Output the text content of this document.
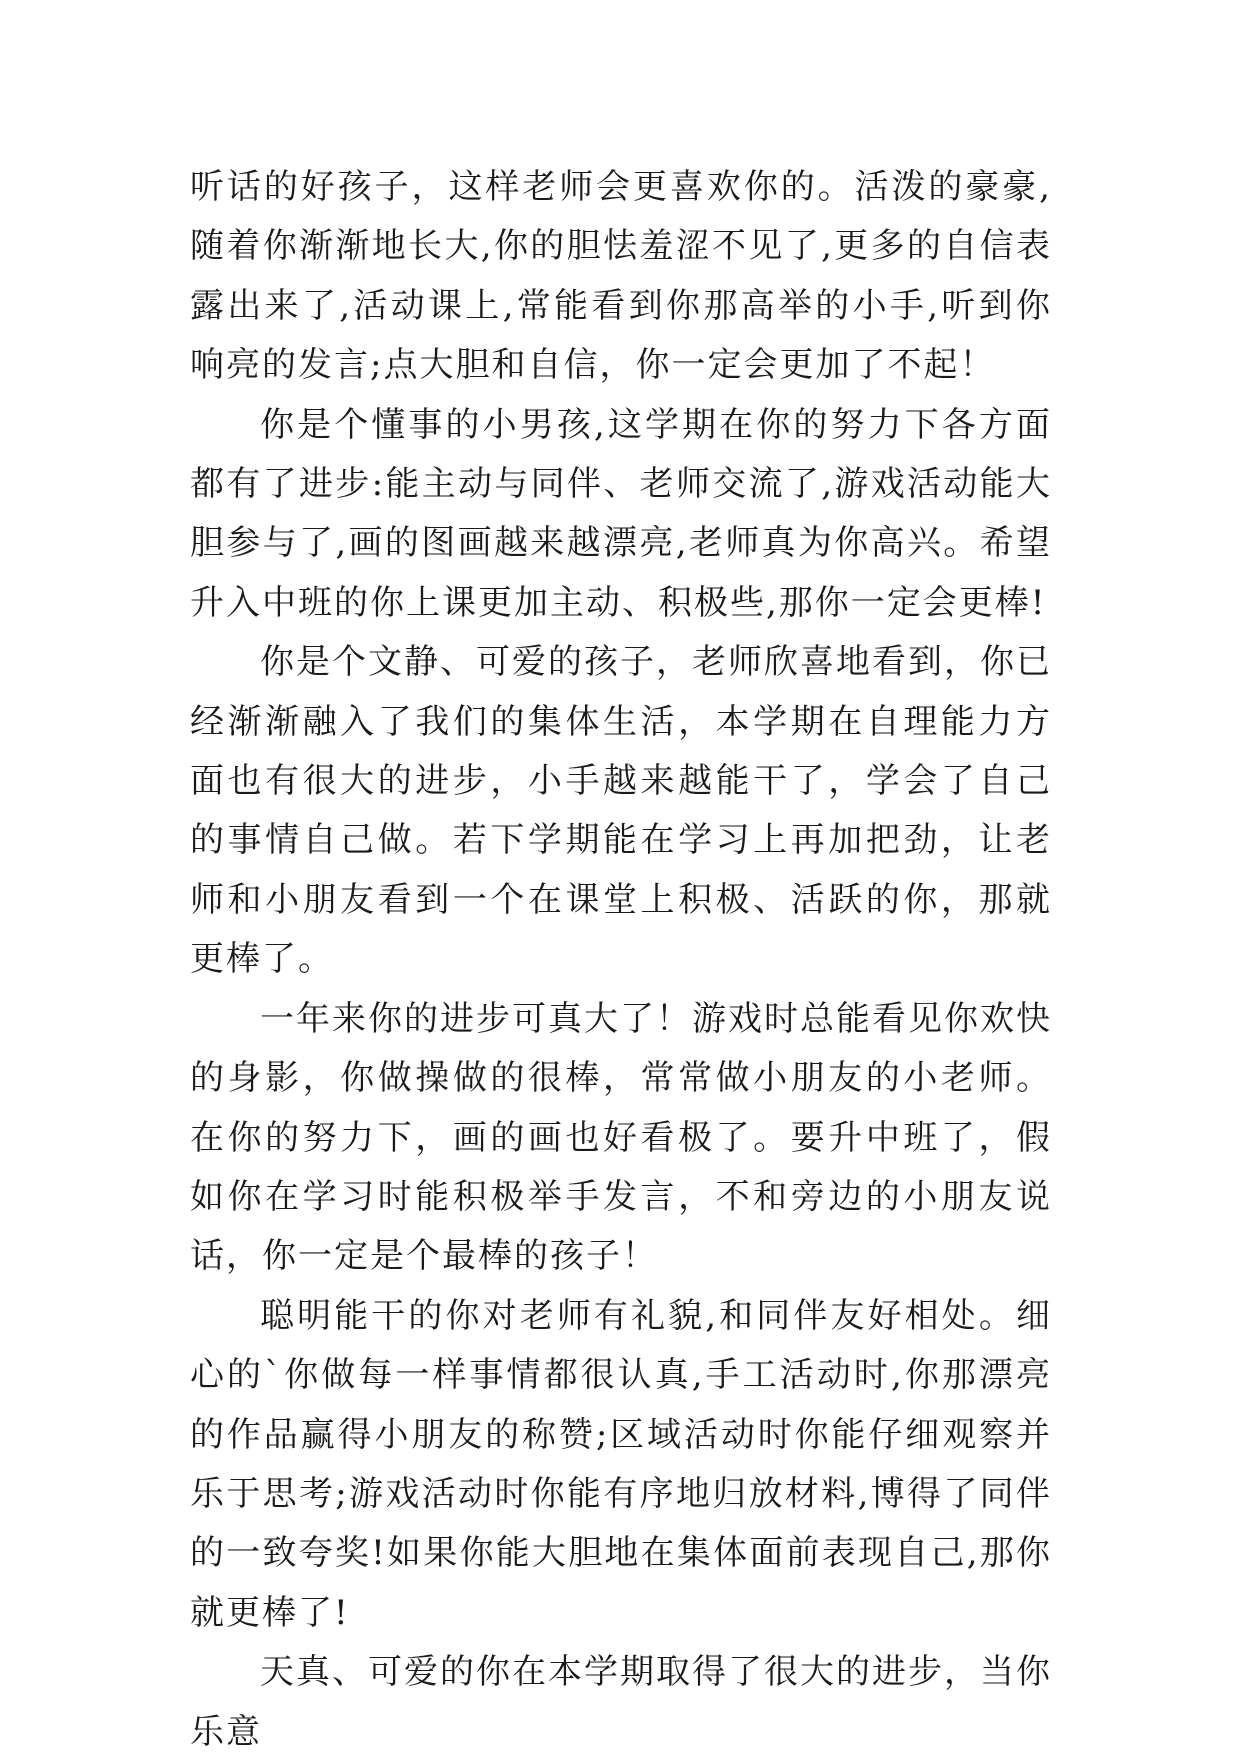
听话的好孩子，这样老师会更喜欢你的。活泼的豪豪,随着你渐渐地长大,你的胆怯羞涩不见了,更多的自信表露出来了,活动课上,常能看到你那高举的小手,听到你响亮的发言;点大胆和自信，你一定会更加了不起！

你是个懂事的小男孩,这学期在你的努力下各方面都有了进步:能主动与同伴、老师交流了,游戏活动能大胆参与了,画的图画越来越漂亮,老师真为你高兴。希望升入中班的你上课更加主动、积极些,那你一定会更棒!

你是个文静、可爱的孩子，老师欣喜地看到，你已经渐渐融入了我们的集体生活，本学期在自理能力方面也有很大的进步，小手越来越能干了，学会了自己的事情自己做。若下学期能在学习上再加把劲，让老师和小朋友看到一个在课堂上积极、活跃的你，那就更棒了。

一年来你的进步可真大了！游戏时总能看见你欢快的身影，你做操做的很棒，常常做小朋友的小老师。在你的努力下，画的画也好看极了。要升中班了，假如你在学习时能积极举手发言，不和旁边的小朋友说话，你一定是个最棒的孩子！

聪明能干的你对老师有礼貌,和同伴友好相处。细心的`你做每一样事情都很认真,手工活动时,你那漂亮的作品赢得小朋友的称赞;区域活动时你能仔细观察并乐于思考;游戏活动时你能有序地归放材料,博得了同伴的一致夸奖!如果你能大胆地在集体面前表现自己,那你就更棒了!

天真、可爱的你在本学期取得了很大的进步，当你乐意
